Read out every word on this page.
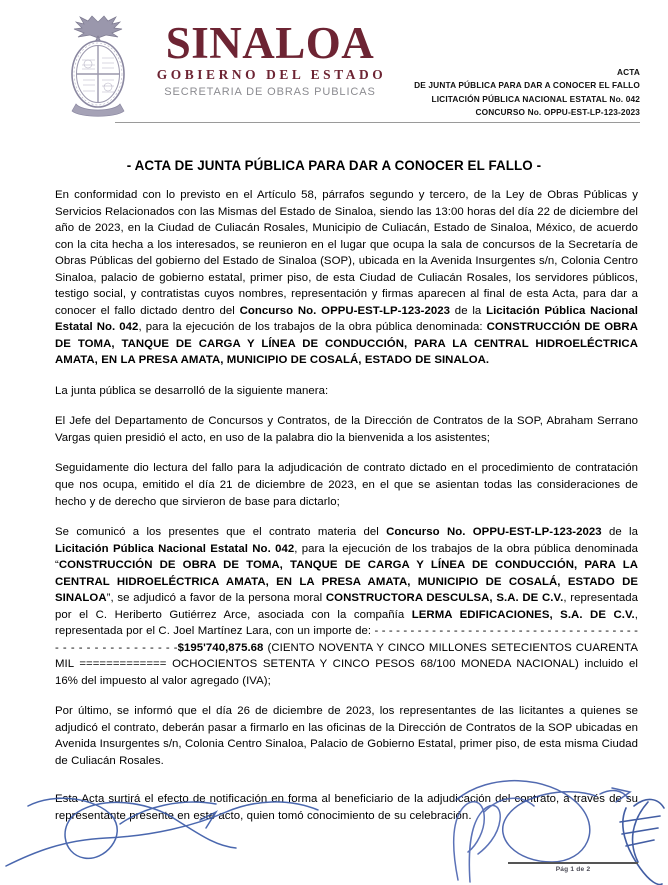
SINALOA
GOBIERNO DEL ESTADO
SECRETARIA DE OBRAS PUBLICAS
ACTA
DE JUNTA PÚBLICA PARA DAR A CONOCER EL FALLO
LICITACIÓN PÚBLICA NACIONAL ESTATAL No. 042
CONCURSO No. OPPU-EST-LP-123-2023
- ACTA DE JUNTA PÚBLICA PARA DAR A CONOCER EL FALLO -

En conformidad con lo previsto en el Artículo 58, párrafos segundo y tercero, de la Ley de Obras Públicas y Servicios Relacionados con las Mismas del Estado de Sinaloa, siendo las 13:00 horas del día 22 de diciembre del año de 2023, en la Ciudad de Culiacán Rosales, Municipio de Culiacán, Estado de Sinaloa, México, de acuerdo con la cita hecha a los interesados, se reunieron en el lugar que ocupa la sala de concursos de la Secretaría de Obras Públicas del gobierno del Estado de Sinaloa (SOP), ubicada en la Avenida Insurgentes s/n, Colonia Centro Sinaloa, palacio de gobierno estatal, primer piso, de esta Ciudad de Culiacán Rosales, los servidores públicos, testigo social, y contratistas cuyos nombres, representación y firmas aparecen al final de esta Acta, para dar a conocer el fallo dictado dentro del Concurso No. OPPU-EST-LP-123-2023 de la Licitación Pública Nacional Estatal No. 042, para la ejecución de los trabajos de la obra pública denominada: CONSTRUCCIÓN DE OBRA DE TOMA, TANQUE DE CARGA Y LÍNEA DE CONDUCCIÓN, PARA LA CENTRAL HIDROELÉCTRICA AMATA, EN LA PRESA AMATA, MUNICIPIO DE COSALÁ, ESTADO DE SINALOA.

La junta pública se desarrolló de la siguiente manera:

El Jefe del Departamento de Concursos y Contratos, de la Dirección de Contratos de la SOP, Abraham Serrano Vargas quien presidió el acto, en uso de la palabra dio la bienvenida a los asistentes;

Seguidamente dio lectura del fallo para la adjudicación de contrato dictado en el procedimiento de contratación que nos ocupa, emitido el día 21 de diciembre de 2023, en el que se asientan todas las consideraciones de hecho y de derecho que sirvieron de base para dictarlo;

Se comunicó a los presentes que el contrato materia del Concurso No. OPPU-EST-LP-123-2023 de la Licitación Pública Nacional Estatal No. 042, para la ejecución de los trabajos de la obra pública denominada “CONSTRUCCIÓN DE OBRA DE TOMA, TANQUE DE CARGA Y LÍNEA DE CONDUCCIÓN, PARA LA CENTRAL HIDROELÉCTRICA AMATA, EN LA PRESA AMATA, MUNICIPIO DE COSALÁ, ESTADO DE SINALOA”, se adjudicó a favor de la persona moral CONSTRUCTORA DESCULSA, S.A. DE C.V., representada por el C. Heriberto Gutiérrez Arce, asociada con la compañía LERMA EDIFICACIONES, S.A. DE C.V., representada por el C. Joel Martínez Lara, con un importe de: - - - - - - - - - - - - - - - - - - - - - - - - - - - - - - - - - - - - - - - - - - - - - - - - - - - - -$195'740,875.68 (CIENTO NOVENTA Y CINCO MILLONES SETECIENTOS CUARENTA MIL ============= OCHOCIENTOS SETENTA Y CINCO PESOS 68/100 MONEDA NACIONAL) incluido el 16% del impuesto al valor agregado (IVA);

Por último, se informó que el día 26 de diciembre de 2023, los representantes de las licitantes a quienes se adjudicó el contrato, deberán pasar a firmarlo en las oficinas de la Dirección de Contratos de la SOP ubicadas en Avenida Insurgentes s/n, Colonia Centro Sinaloa, Palacio de Gobierno Estatal, primer piso, de esta misma Ciudad de Culiacán Rosales.

Esta Acta surtirá el efecto de notificación en forma al beneficiario de la adjudicación del contrato, a través de su representante presente en este acto, quien tomó conocimiento de su celebración.

Pág 1 de 2
